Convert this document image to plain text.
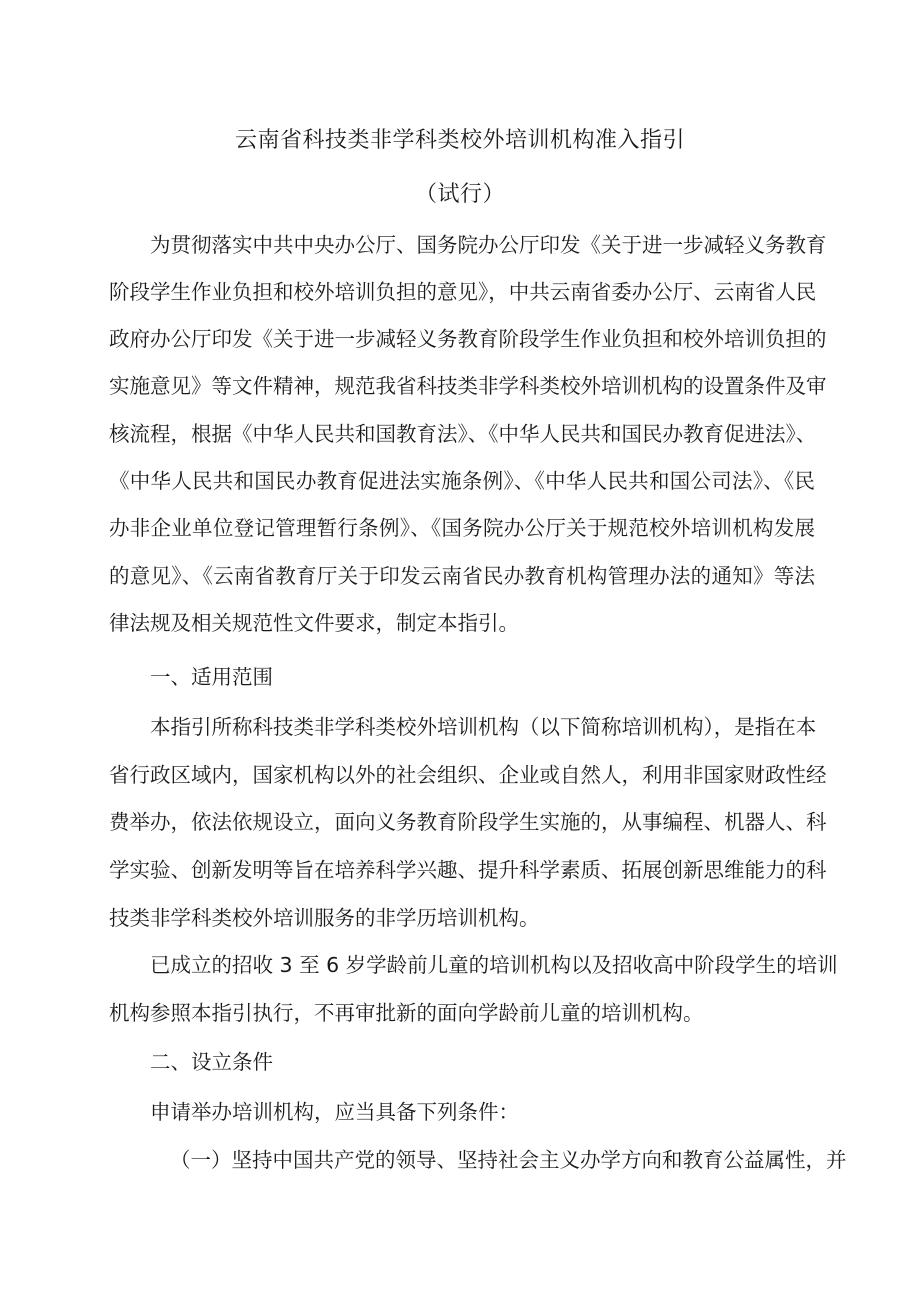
云南省科技类非学科类校外培训机构准入指引
（试行）
为贯彻落实中共中央办公厅、国务院办公厅印发《关于进一步减轻义务教育
阶段学生作业负担和校外培训负担的意见》，中共云南省委办公厅、云南省人民
政府办公厅印发《关于进一步减轻义务教育阶段学生作业负担和校外培训负担的
实施意见》等文件精神，规范我省科技类非学科类校外培训机构的设置条件及审
核流程，根据《中华人民共和国教育法》、《中华人民共和国民办教育促进法》、
《中华人民共和国民办教育促进法实施条例》、《中华人民共和国公司法》、《民
办非企业单位登记管理暂行条例》、《国务院办公厅关于规范校外培训机构发展
的意见》、《云南省教育厅关于印发云南省民办教育机构管理办法的通知》等法
律法规及相关规范性文件要求，制定本指引。
一、适用范围
本指引所称科技类非学科类校外培训机构（以下简称培训机构），是指在本
省行政区域内，国家机构以外的社会组织、企业或自然人，利用非国家财政性经
费举办，依法依规设立，面向义务教育阶段学生实施的，从事编程、机器人、科
学实验、创新发明等旨在培养科学兴趣、提升科学素质、拓展创新思维能力的科
技类非学科类校外培训服务的非学历培训机构。
已成立的招收 3 至 6 岁学龄前儿童的培训机构以及招收高中阶段学生的培训
机构参照本指引执行，不再审批新的面向学龄前儿童的培训机构。
二、设立条件
申请举办培训机构，应当具备下列条件：
（一）坚持中国共产党的领导、坚持社会主义办学方向和教育公益属性，并
